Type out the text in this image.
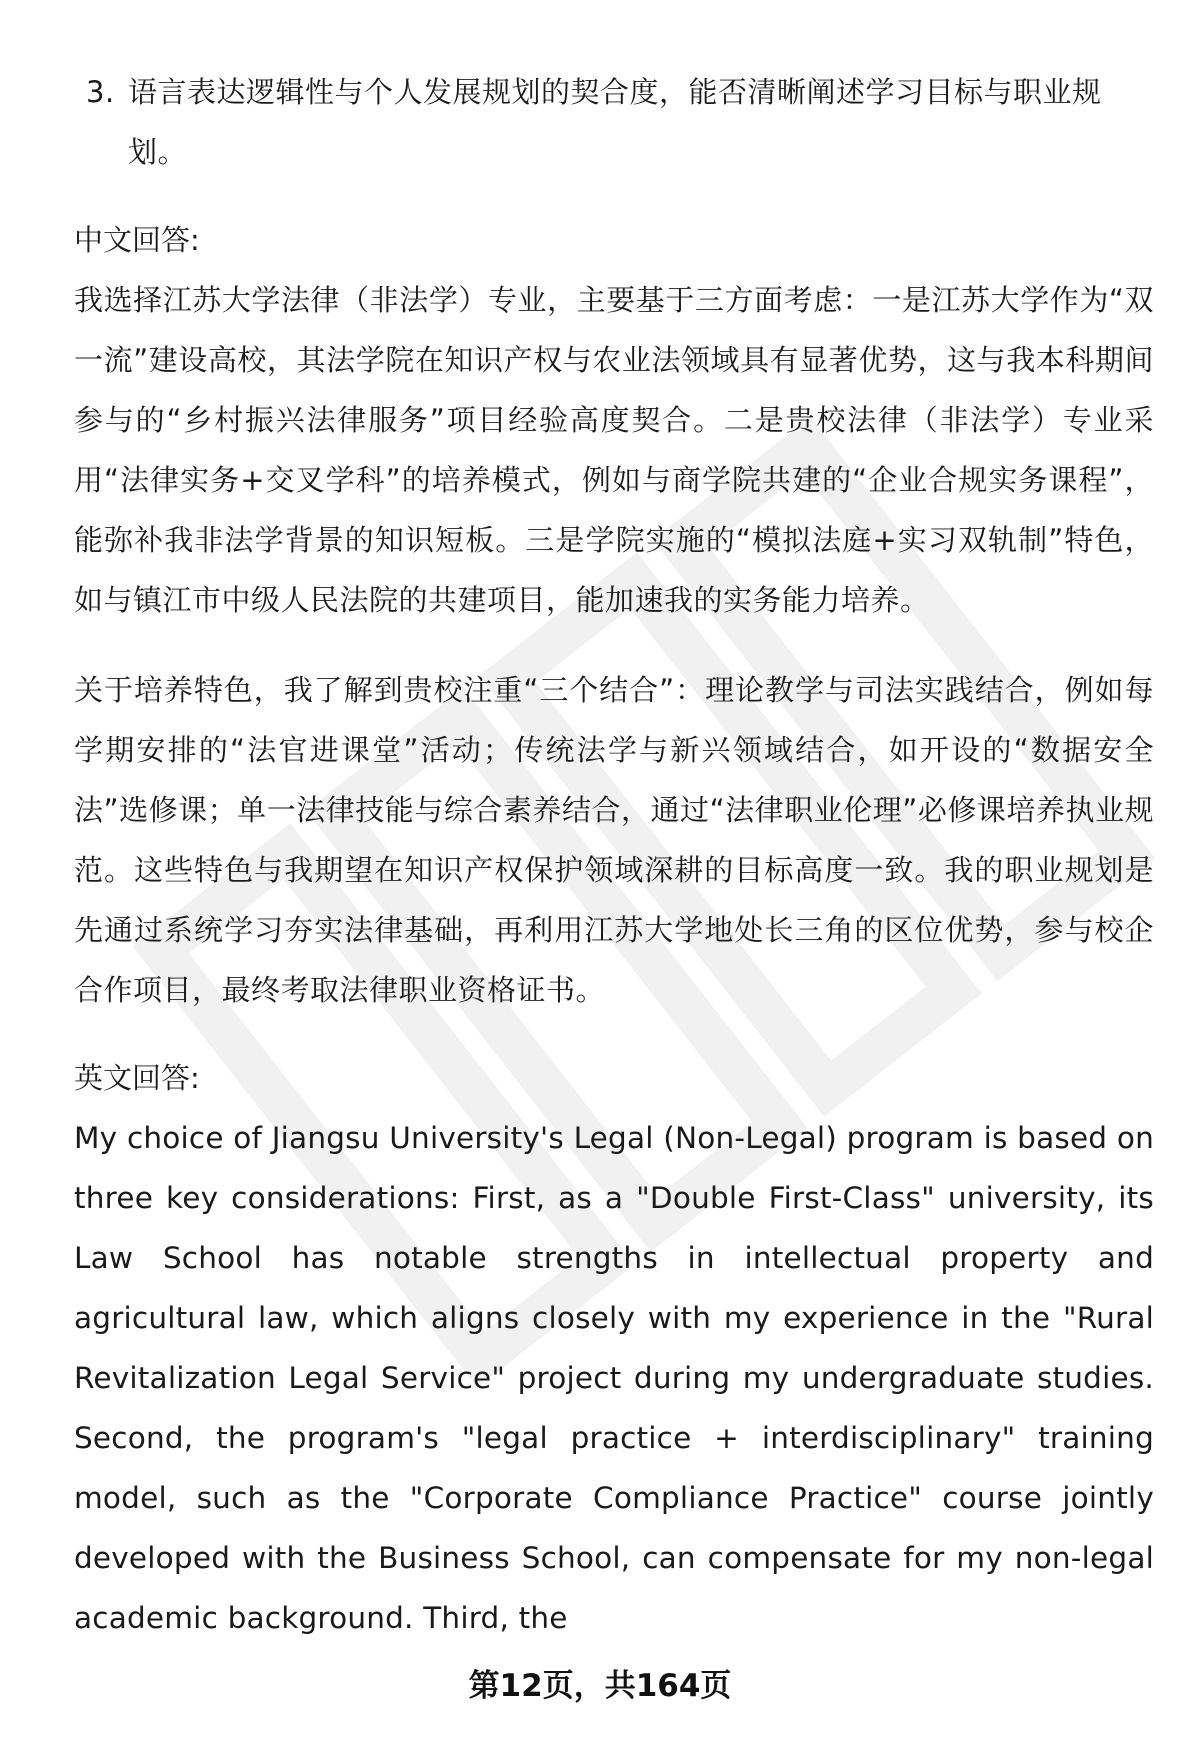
3. 语言表达逻辑性与个人发展规划的契合度，能否清晰阐述学习目标与职业规划。
中文回答:

我选择江苏大学法律（非法学）专业，主要基于三方面考虑：一是江苏大学作为“双一流”建设高校，其法学院在知识产权与农业法领域具有显著优势，这与我本科期间参与的“乡村振兴法律服务”项目经验高度契合。二是贵校法律（非法学）专业采用“法律实务+交叉学科”的培养模式，例如与商学院共建的“企业合规实务课程”，能弥补我非法学背景的知识短板。三是学院实施的“模拟法庭+实习双轨制”特色，如与镇江市中级人民法院的共建项目，能加速我的实务能力培养。

关于培养特色，我了解到贵校注重“三个结合”：理论教学与司法实践结合，例如每学期安排的“法官进课堂”活动；传统法学与新兴领域结合，如开设的“数据安全法”选修课；单一法律技能与综合素养结合，通过“法律职业伦理”必修课培养执业规范。这些特色与我期望在知识产权保护领域深耕的目标高度一致。我的职业规划是先通过系统学习夯实法律基础，再利用江苏大学地处长三角的区位优势，参与校企合作项目，最终考取法律职业资格证书。

英文回答:

My choice of Jiangsu University's Legal (Non-Legal) program is based on three key considerations: First, as a "Double First-Class" university, its Law School has notable strengths in intellectual property and agricultural law, which aligns closely with my experience in the "Rural Revitalization Legal Service" project during my undergraduate studies. Second, the program's "legal practice + interdisciplinary" training model, such as the "Corporate Compliance Practice" course jointly developed with the Business School, can compensate for my non-legal academic background. Third, the

第12页，共164页
